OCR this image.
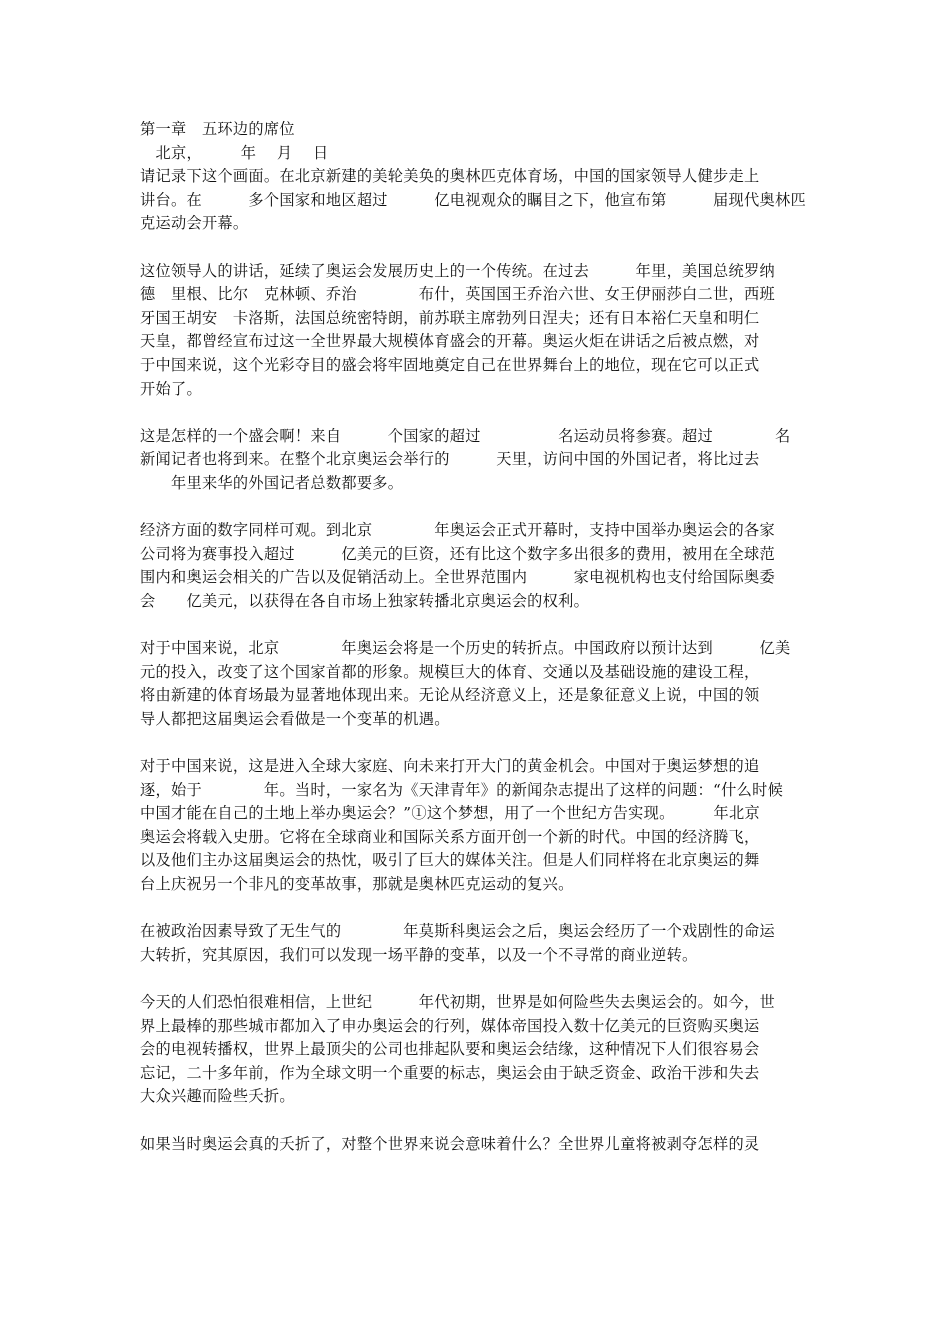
第一章　五环边的席位
　北京，　　　年　 月　 日
请记录下这个画面。在北京新建的美轮美奂的奥林匹克体育场，中国的国家领导人健步走上
讲台。在　　　多个国家和地区超过　　　亿电视观众的瞩目之下，他宣布第　　　届现代奥林匹
克运动会开幕。
这位领导人的讲话，延续了奥运会发展历史上的一个传统。在过去　　　年里，美国总统罗纳
德　里根、比尔　克林顿、乔治　　　　布什，英国国王乔治六世、女王伊丽莎白二世，西班
牙国王胡安　卡洛斯，法国总统密特朗，前苏联主席勃列日涅夫；还有日本裕仁天皇和明仁
天皇，都曾经宣布过这一全世界最大规模体育盛会的开幕。奥运火炬在讲话之后被点燃，对
于中国来说，这个光彩夺目的盛会将牢固地奠定自己在世界舞台上的地位，现在它可以正式
开始了。
这是怎样的一个盛会啊！来自　　　个国家的超过　　　　　名运动员将参赛。超过　　　　名
新闻记者也将到来。在整个北京奥运会举行的　　　天里，访问中国的外国记者，将比过去
　　年里来华的外国记者总数都要多。
经济方面的数字同样可观。到北京　　　　年奥运会正式开幕时，支持中国举办奥运会的各家
公司将为赛事投入超过　　　亿美元的巨资，还有比这个数字多出很多的费用，被用在全球范
围内和奥运会相关的广告以及促销活动上。全世界范围内　　　家电视机构也支付给国际奥委
会　　亿美元，以获得在各自市场上独家转播北京奥运会的权利。
对于中国来说，北京　　　　年奥运会将是一个历史的转折点。中国政府以预计达到　　　亿美
元的投入，改变了这个国家首都的形象。规模巨大的体育、交通以及基础设施的建设工程，
将由新建的体育场最为显著地体现出来。无论从经济意义上，还是象征意义上说，中国的领
导人都把这届奥运会看做是一个变革的机遇。
对于中国来说，这是进入全球大家庭、向未来打开大门的黄金机会。中国对于奥运梦想的追
逐，始于　　　　年。当时，一家名为《天津青年》的新闻杂志提出了这样的问题：“什么时候
中国才能在自己的土地上举办奥运会？”①这个梦想，用了一个世纪方告实现。　　　年北京
奥运会将载入史册。它将在全球商业和国际关系方面开创一个新的时代。中国的经济腾飞，
以及他们主办这届奥运会的热忱，吸引了巨大的媒体关注。但是人们同样将在北京奥运的舞
台上庆祝另一个非凡的变革故事，那就是奥林匹克运动的复兴。
在被政治因素导致了无生气的　　　　年莫斯科奥运会之后，奥运会经历了一个戏剧性的命运
大转折，究其原因，我们可以发现一场平静的变革，以及一个不寻常的商业逆转。
今天的人们恐怕很难相信，上世纪　　　年代初期，世界是如何险些失去奥运会的。如今，世
界上最棒的那些城市都加入了申办奥运会的行列，媒体帝国投入数十亿美元的巨资购买奥运
会的电视转播权，世界上最顶尖的公司也排起队要和奥运会结缘，这种情况下人们很容易会
忘记，二十多年前，作为全球文明一个重要的标志，奥运会由于缺乏资金、政治干涉和失去
大众兴趣而险些夭折。
如果当时奥运会真的夭折了，对整个世界来说会意味着什么？全世界儿童将被剥夺怎样的灵
